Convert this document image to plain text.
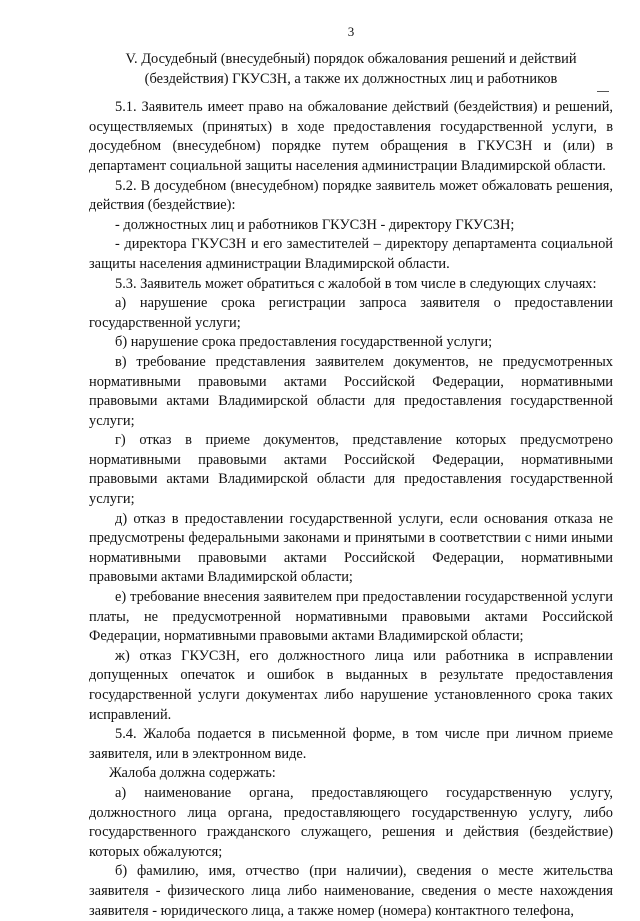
3
V. Досудебный (внесудебный) порядок обжалования решений и действий
(бездействия) ГКУСЗН, а также их должностных лиц и работников

5.1. Заявитель имеет право на обжалование действий (бездействия) и решений, осуществляемых (принятых) в ходе предоставления государственной услуги, в досудебном (внесудебном) порядке путем обращения в ГКУСЗН и (или) в департамент социальной защиты населения администрации Владимирской области.

5.2. В досудебном (внесудебном) порядке заявитель может обжаловать решения, действия (бездействие):

- должностных лиц и работников ГКУСЗН - директору ГКУСЗН;

- директора ГКУСЗН и его заместителей – директору департамента социальной защиты населения администрации Владимирской области.

5.3. Заявитель может обратиться с жалобой в том числе в следующих случаях:

а) нарушение срока регистрации запроса заявителя о предоставлении государственной услуги;

б) нарушение срока предоставления государственной услуги;

в) требование представления заявителем документов, не предусмотренных нормативными правовыми актами Российской Федерации, нормативными правовыми актами Владимирской области для предоставления государственной услуги;

г) отказ в приеме документов, представление которых предусмотрено нормативными правовыми актами Российской Федерации, нормативными правовыми актами Владимирской области для предоставления государственной услуги;

д) отказ в предоставлении государственной услуги, если основания отказа не предусмотрены федеральными законами и принятыми в соответствии с ними иными нормативными правовыми актами Российской Федерации, нормативными правовыми актами Владимирской области;

е) требование внесения заявителем при предоставлении государственной услуги платы, не предусмотренной нормативными правовыми актами Российской Федерации, нормативными правовыми актами Владимирской области;

ж) отказ ГКУСЗН, его должностного лица или работника в исправлении допущенных опечаток и ошибок в выданных в результате предоставления государственной услуги документах либо нарушение установленного срока таких исправлений.

5.4. Жалоба подается в письменной форме, в том числе при личном приеме заявителя, или в электронном виде.

Жалоба должна содержать:

а) наименование органа, предоставляющего государственную услугу, должностного лица органа, предоставляющего государственную услугу, либо государственного гражданского служащего, решения и действия (бездействие) которых обжалуются;

б) фамилию, имя, отчество (при наличии), сведения о месте жительства заявителя - физического лица либо наименование, сведения о месте нахождения заявителя - юридического лица, а также номер (номера) контактного телефона,
